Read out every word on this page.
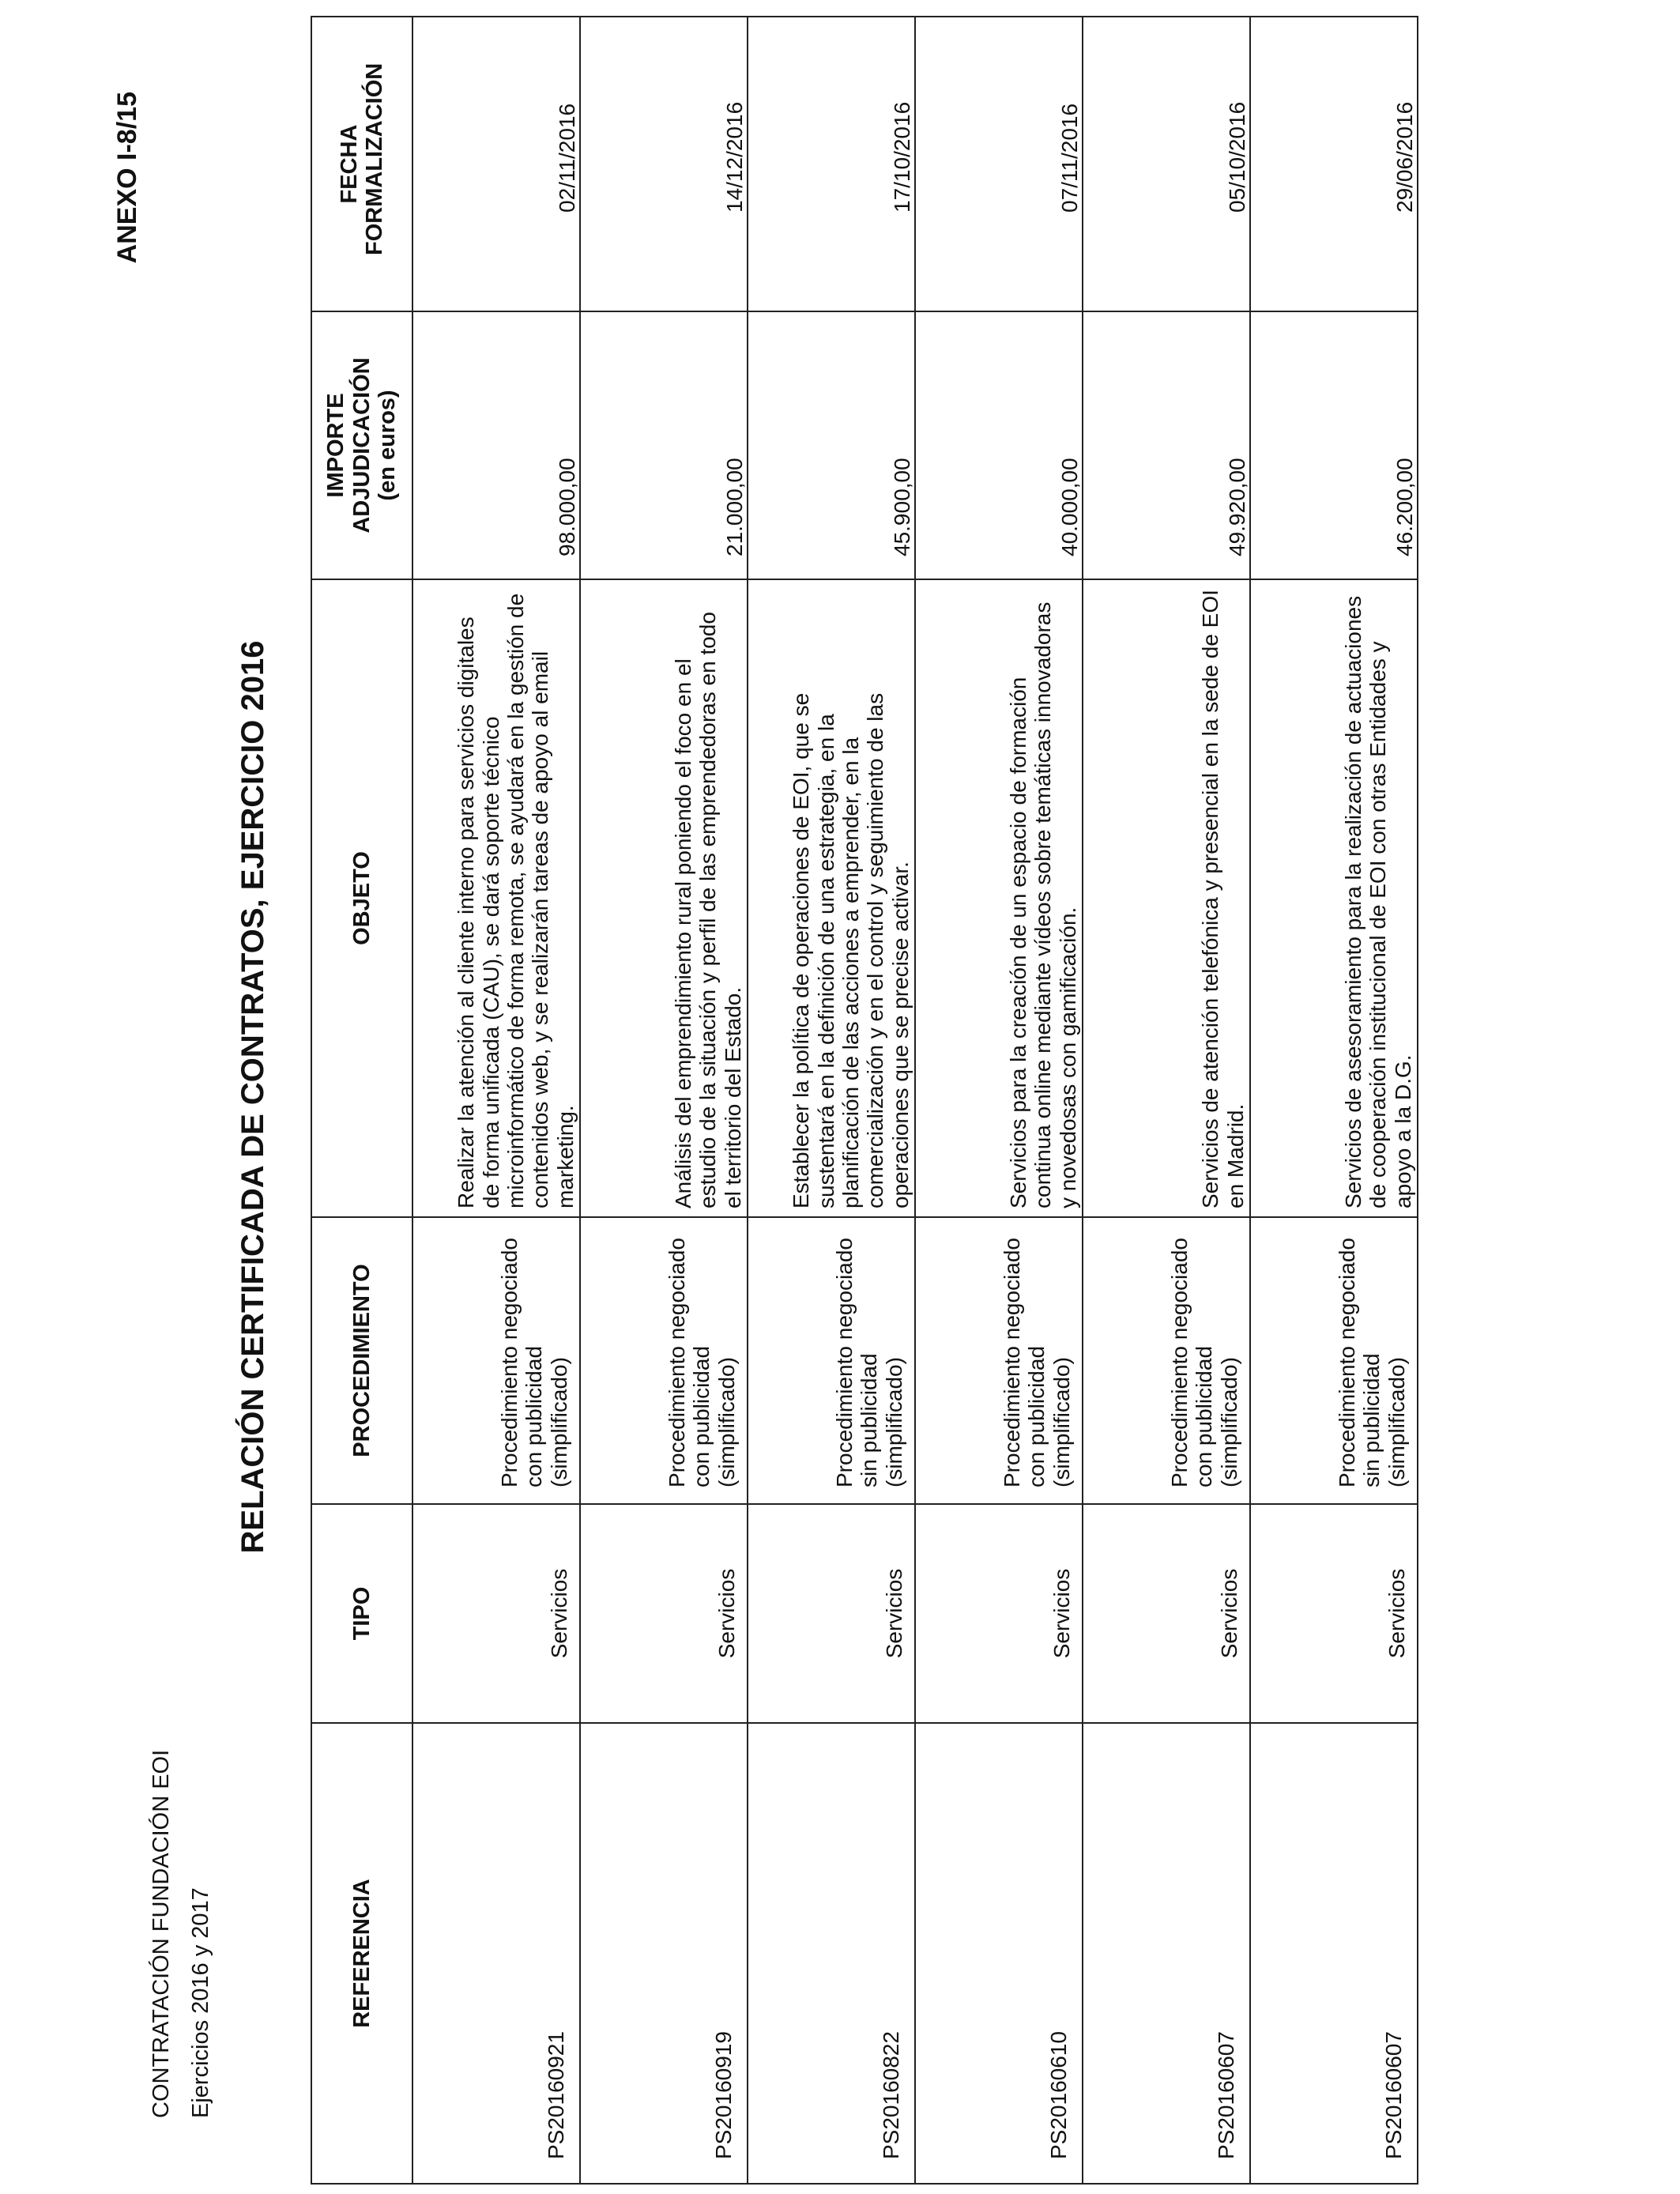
CONTRATACIÓN FUNDACIÓN EOI Ejercicios 2016 y 2017
ANEXO I-8/15
RELACIÓN CERTIFICADA DE CONTRATOS, EJERCICIO 2016
REFERENCIA	TIPO	PROCEDIMIENTO	OBJETO	IMPORTE ADJUDICACIÓN (en euros)	FECHA FORMALIZACIÓN

PS20160921	Servicios	Procedimiento negociado con publicidad (simplificado)	Realizar la atención al cliente interno para servicios digitales de forma unificada (CAU), se dará soporte técnico microinformático de forma remota, se ayudará en la gestión de contenidos web, y se realizarán tareas de apoyo al email marketing.	98.000,00	02/11/2016

PS20160919	Servicios	Procedimiento negociado con publicidad (simplificado)	Análisis del emprendimiento rural poniendo el foco en el estudio de la situación y perfil de las emprendedoras en todo el territorio del Estado.	21.000,00	14/12/2016

PS20160822	Servicios	Procedimiento negociado sin publicidad (simplificado)	Establecer la política de operaciones de EOI, que se sustentará en la definición de una estrategia, en la planificación de las acciones a emprender, en la comercialización y en el control y seguimiento de las operaciones que se precise activar.	45.900,00	17/10/2016

PS20160610	Servicios	Procedimiento negociado con publicidad (simplificado)	Servicios para la creación de un espacio de formación continua online mediante vídeos sobre temáticas innovadoras y novedosas con gamificación.	40.000,00	07/11/2016

PS20160607	Servicios	Procedimiento negociado con publicidad (simplificado)	Servicios de atención telefónica y presencial en la sede de EOI en Madrid.	49.920,00	05/10/2016

PS20160607	Servicios	Procedimiento negociado sin publicidad (simplificado)	Servicios de asesoramiento para la realización de actuaciones de cooperación institucional de EOI con otras Entidades y apoyo a la D.G.	46.200,00	29/06/2016
